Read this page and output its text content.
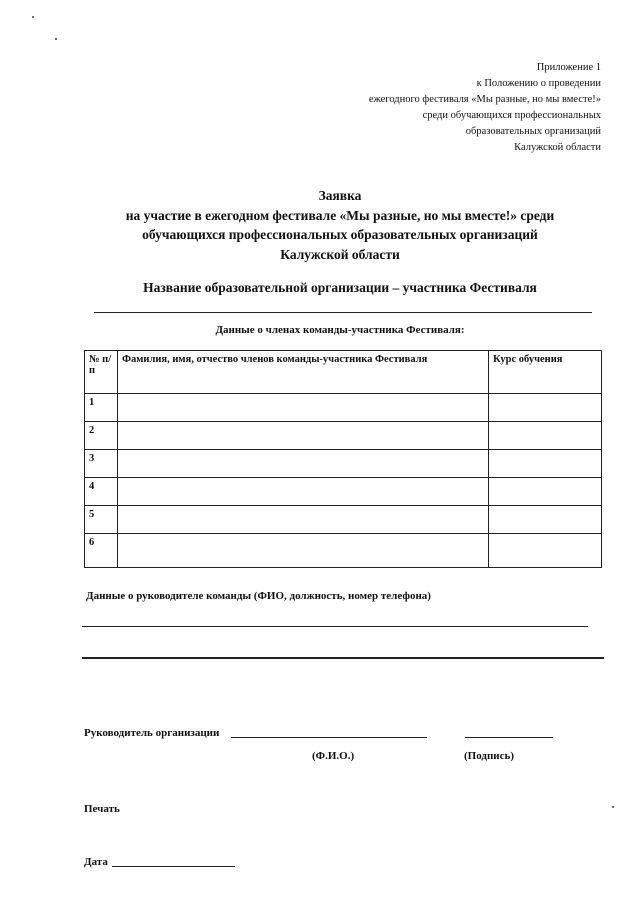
Приложение 1
к Положению о проведении
ежегодного фестиваля «Мы разные, но мы вместе!»
среди обучающихся профессиональных
образовательных организаций
Калужской области
Заявка
на участие в ежегодном фестивале «Мы разные, но мы вместе!» среди
обучающихся профессиональных образовательных организаций
Калужской области
Название образовательной организации – участника Фестиваля
Данные о членах команды-участника Фестиваля:
№ п/п	Фамилия, имя, отчество членов команды-участника Фестиваля	Курс обучения
1		
2		
3		
4		
5		
6		
Данные о руководителе команды (ФИО, должность, номер телефона)
Руководитель организации
(Ф.И.О.)	(Подпись)
Печать
Дата
